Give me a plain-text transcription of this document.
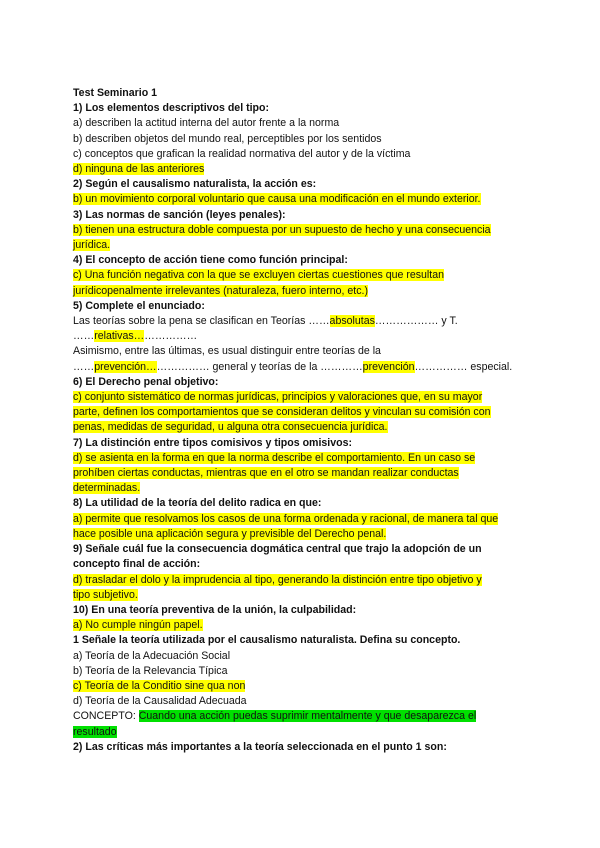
Test Seminario 1
1) Los elementos descriptivos del tipo:
a) describen la actitud interna del autor frente a la norma
b) describen objetos del mundo real, perceptibles por los sentidos
c) conceptos que grafican la realidad normativa del autor y de la víctima
d) ninguna de las anteriores
2) Según el causalismo naturalista, la acción es:
b) un movimiento corporal voluntario que causa una modificación en el mundo exterior.
3) Las normas de sanción (leyes penales):
b) tienen una estructura doble compuesta por un supuesto de hecho y una consecuencia
jurídica.
4) El concepto de acción tiene como función principal:
c) Una función negativa con la que se excluyen ciertas cuestiones que resultan
jurídicopenalmente irrelevantes (naturaleza, fuero interno, etc.)
5) Complete el enunciado:
Las teorías sobre la pena se clasifican en Teorías ……absolutas……………… y T.
……relativas………………
Asimismo, entre las últimas, es usual distinguir entre teorías de la
……prevención……………… general y teorías de la …………prevención…………… especial.
6) El Derecho penal objetivo:
c) conjunto sistemático de normas jurídicas, principios y valoraciones que, en su mayor
parte, definen los comportamientos que se consideran delitos y vinculan su comisión con
penas, medidas de seguridad, u alguna otra consecuencia jurídica.
7) La distinción entre tipos comisivos y tipos omisivos:
d) se asienta en la forma en que la norma describe el comportamiento. En un caso se
prohíben ciertas conductas, mientras que en el otro se mandan realizar conductas
determinadas.
8) La utilidad de la teoría del delito radica en que:
a) permite que resolvamos los casos de una forma ordenada y racional, de manera tal que
hace posible una aplicación segura y previsible del Derecho penal.
9) Señale cuál fue la consecuencia dogmática central que trajo la adopción de un
concepto final de acción:
d) trasladar el dolo y la imprudencia al tipo, generando la distinción entre tipo objetivo y
tipo subjetivo.
10) En una teoría preventiva de la unión, la culpabilidad:
a) No cumple ningún papel.
1 Señale la teoría utilizada por el causalismo naturalista. Defina su concepto.
a) Teoría de la Adecuación Social
b) Teoría de la Relevancia Típica
c) Teoría de la Conditio sine qua non
d) Teoría de la Causalidad Adecuada
CONCEPTO: Cuando una acción puedas suprimir mentalmente y que desaparezca el
resultado
2) Las críticas más importantes a la teoría seleccionada en el punto 1 son:
